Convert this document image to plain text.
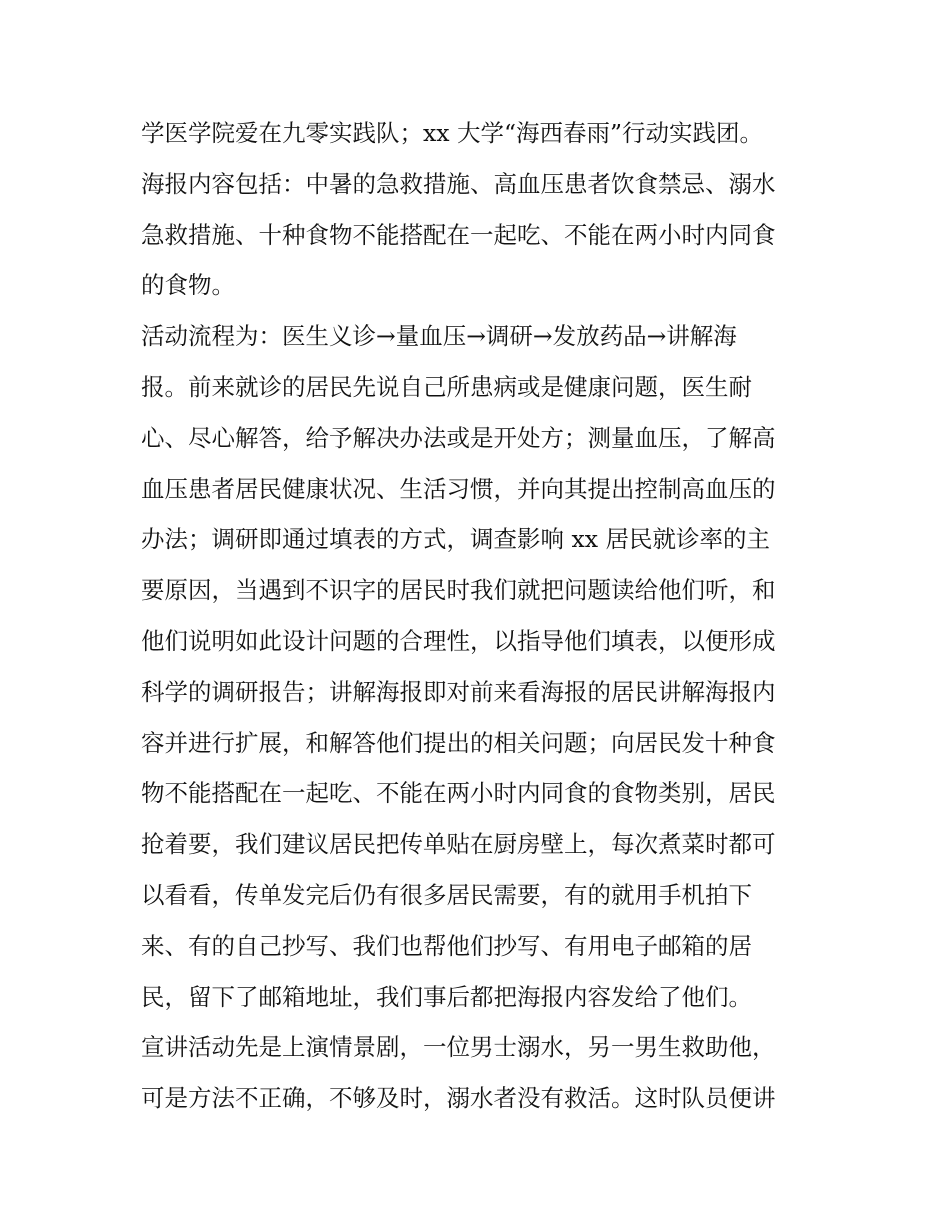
学医学院爱在九零实践队；xx 大学“海西春雨”行动实践团。
海报内容包括：中暑的急救措施、高血压患者饮食禁忌、溺水
急救措施、十种食物不能搭配在一起吃、不能在两小时内同食
的食物。
活动流程为：医生义诊→量血压→调研→发放药品→讲解海
报。前来就诊的居民先说自己所患病或是健康问题，医生耐
心、尽心解答，给予解决办法或是开处方；测量血压，了解高
血压患者居民健康状况、生活习惯，并向其提出控制高血压的
办法；调研即通过填表的方式，调查影响 xx 居民就诊率的主
要原因，当遇到不识字的居民时我们就把问题读给他们听，和
他们说明如此设计问题的合理性，以指导他们填表，以便形成
科学的调研报告；讲解海报即对前来看海报的居民讲解海报内
容并进行扩展，和解答他们提出的相关问题；向居民发十种食
物不能搭配在一起吃、不能在两小时内同食的食物类别，居民
抢着要，我们建议居民把传单贴在厨房壁上，每次煮菜时都可
以看看，传单发完后仍有很多居民需要，有的就用手机拍下
来、有的自己抄写、我们也帮他们抄写、有用电子邮箱的居
民，留下了邮箱地址，我们事后都把海报内容发给了他们。
宣讲活动先是上演情景剧，一位男士溺水，另一男生救助他，
可是方法不正确，不够及时，溺水者没有救活。这时队员便讲
